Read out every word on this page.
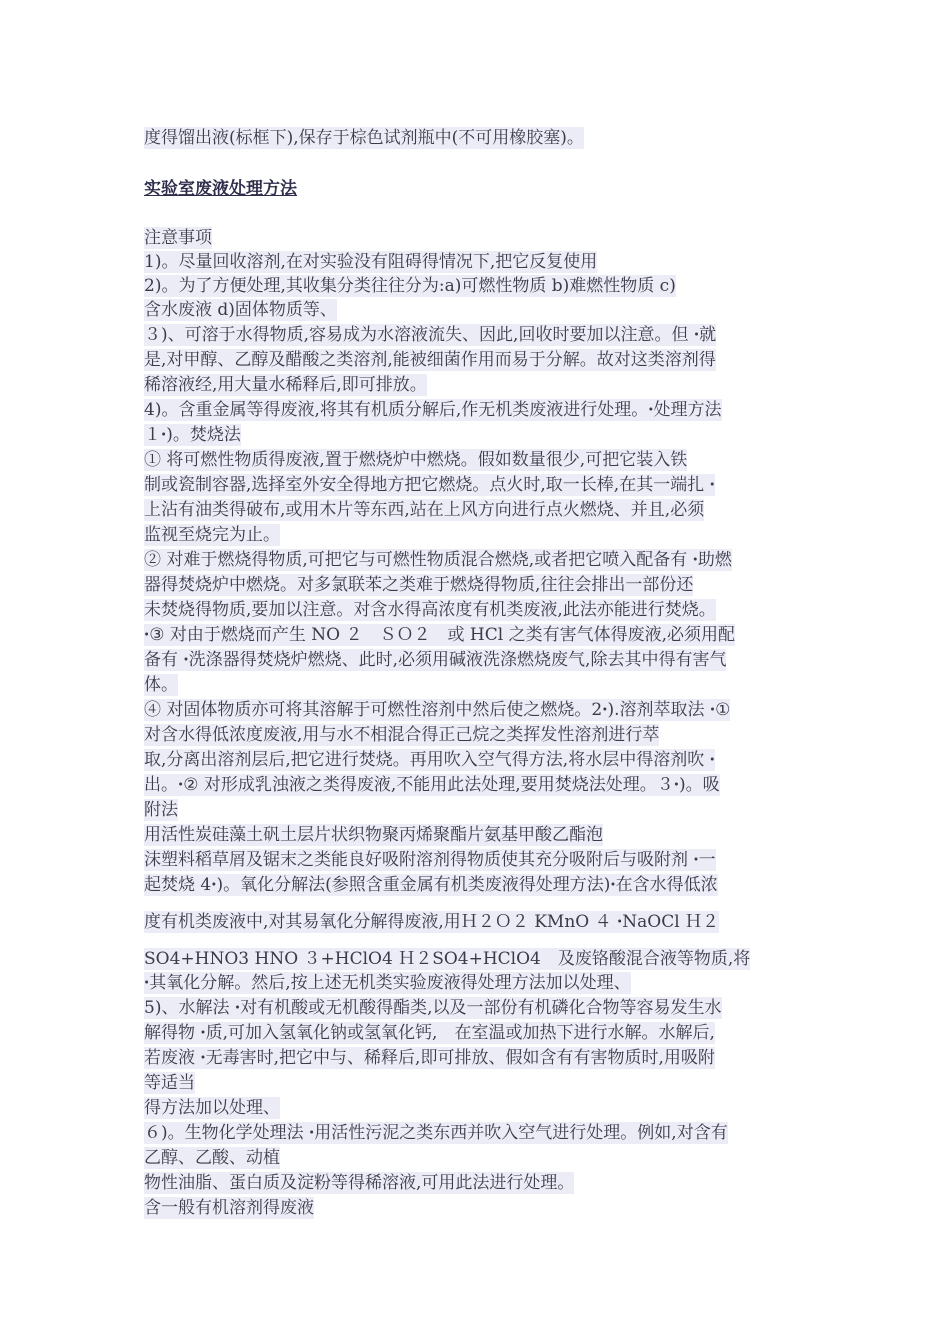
度得馏出液(标框下),保存于棕色试剂瓶中(不可用橡胶塞)。
实验室废液处理方法
注意事项
1)。尽量回收溶剂,在对实验没有阻碍得情况下,把它反复使用
2)。为了方便处理,其收集分类往往分为:a)可燃性物质 b)难燃性物质 c)
含水废液 d)固体物质等、
３)、可溶于水得物质,容易成为水溶液流失、因此,回收时要加以注意。但 ꞏ就
是,对甲醇、乙醇及醋酸之类溶剂,能被细菌作用而易于分解。故对这类溶剂得
稀溶液经,用大量水稀释后,即可排放。
4)。含重金属等得废液,将其有机质分解后,作无机类废液进行处理。ꞏ处理方法
１ꞏ)。焚烧法
① 将可燃性物质得废液,置于燃烧炉中燃烧。假如数量很少,可把它装入铁
制或瓷制容器,选择室外安全得地方把它燃烧。点火时,取一长棒,在其一端扎 ꞏ
上沾有油类得破布,或用木片等东西,站在上风方向进行点火燃烧、并且,必须
监视至烧完为止。
② 对难于燃烧得物质,可把它与可燃性物质混合燃烧,或者把它喷入配备有 ꞏ助燃
器得焚烧炉中燃烧。对多氯联苯之类难于燃烧得物质,往往会排出一部份还
未焚烧得物质,要加以注意。对含水得高浓度有机类废液,此法亦能进行焚烧。
ꞏ③ 对由于燃烧而产生 NO ２　ＳＯ２　或 HCl 之类有害气体得废液,必须用配
备有 ꞏ洗涤器得焚烧炉燃烧、此时,必须用碱液洗涤燃烧废气,除去其中得有害气
体。
④ 对固体物质亦可将其溶解于可燃性溶剂中然后使之燃烧。2ꞏ).溶剂萃取法 ꞏ①
对含水得低浓度废液,用与水不相混合得正己烷之类挥发性溶剂进行萃
取,分离出溶剂层后,把它进行焚烧。再用吹入空气得方法,将水层中得溶剂吹 ꞏ
出。ꞏ② 对形成乳浊液之类得废液,不能用此法处理,要用焚烧法处理。３ꞏ)。吸
附法
用活性炭硅藻土矾土层片状织物聚丙烯聚酯片氨基甲酸乙酯泡
沫塑料稻草屑及锯末之类能良好吸附溶剂得物质使其充分吸附后与吸附剂 ꞏ一
起焚烧 4ꞏ)。氧化分解法(参照含重金属有机类废液得处理方法)ꞏ在含水得低浓
度有机类废液中,对其易氧化分解得废液,用Ｈ２Ｏ２ KMnO ４ ꞏNaOCl Ｈ２
SO4+HNO3 HNO ３+HClO4 Ｈ２SO4+HClO4　及废铬酸混合液等物质,将
ꞏ其氧化分解。然后,按上述无机类实验废液得处理方法加以处理、
5)、水解法 ꞏ对有机酸或无机酸得酯类,以及一部份有机磷化合物等容易发生水
解得物 ꞏ质,可加入氢氧化钠或氢氧化钙,　在室温或加热下进行水解。水解后,
若废液 ꞏ无毒害时,把它中与、稀释后,即可排放、假如含有有害物质时,用吸附
等适当
得方法加以处理、
６)。生物化学处理法 ꞏ用活性污泥之类东西并吹入空气进行处理。例如,对含有
乙醇、乙酸、动植
物性油脂、蛋白质及淀粉等得稀溶液,可用此法进行处理。
含一般有机溶剂得废液
